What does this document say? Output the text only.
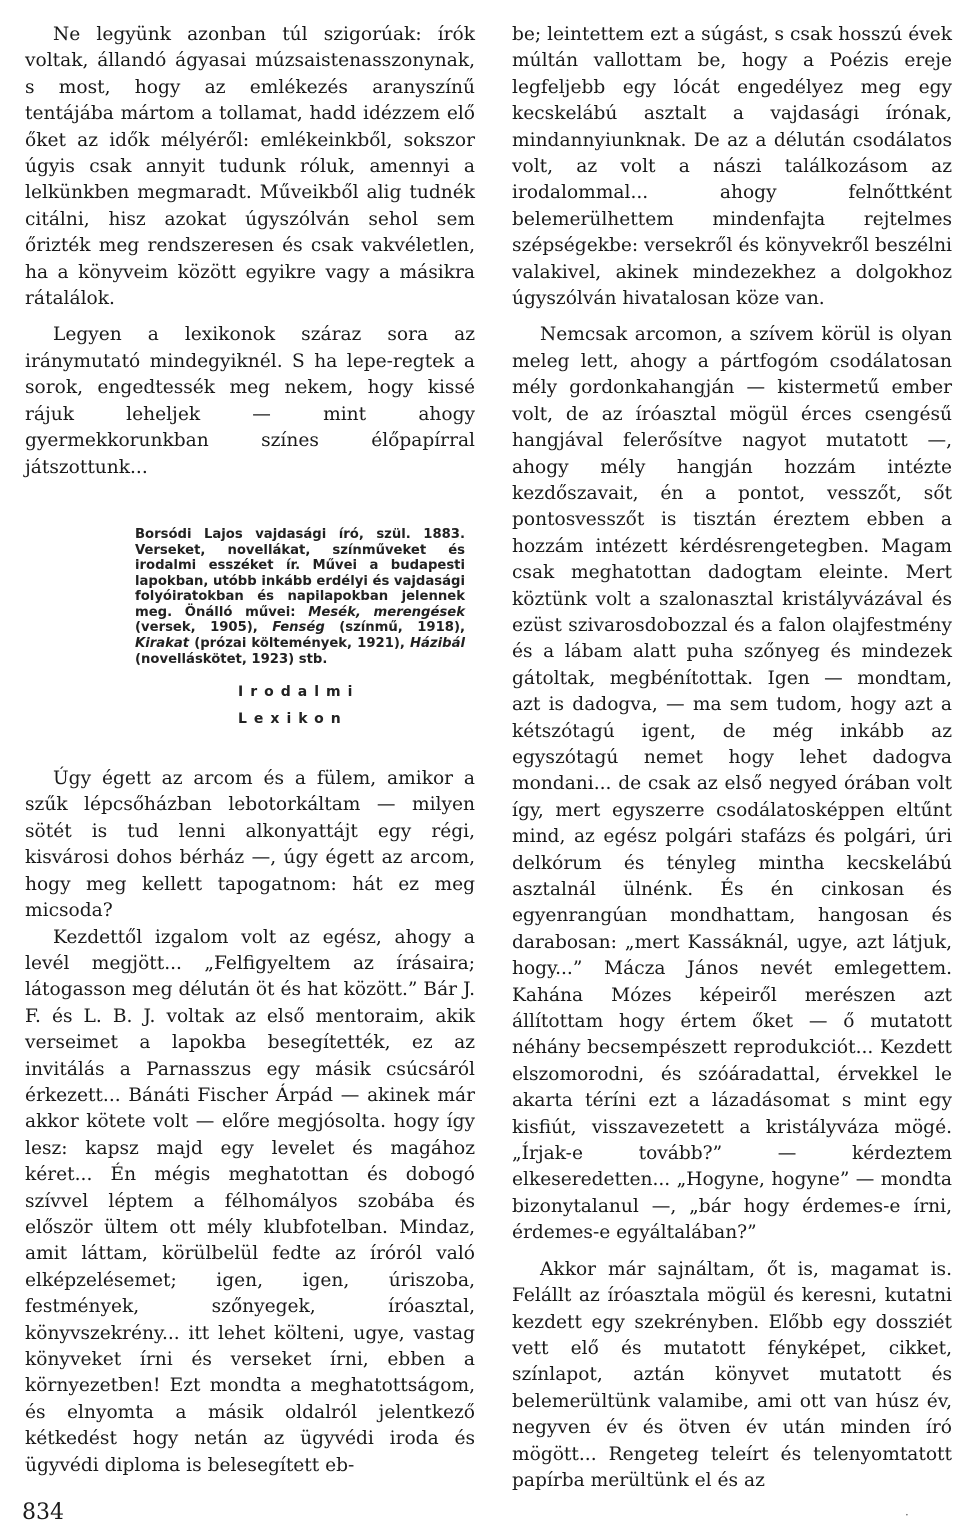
Ne legyünk azonban túl szigorúak: írók voltak, állandó ágyasai múzsaistenasszonynak, s most, hogy az emlékezés aranyszínű tentájába mártom a tollamat, hadd idézzem elő őket az idők mélyéről: emlékeinkből, sokszor úgyis csak annyit tudunk róluk, amennyi a lelkünkben megmaradt. Műveikből alig tudnék citálni, hisz azokat úgyszólván sehol sem őrizték meg rendszeresen és csak vakvéletlen, ha a könyveim között egyikre vagy a másikra rátalálok.

Legyen a lexikonok száraz sora az iránymutató mindegyiknél. S ha lepe-regtek a sorok, engedtessék meg nekem, hogy kissé rájuk leheljek — mint ahogy gyermekkorunkban színes élőpapírral játszottunk...

Borsódi Lajos vajdasági író, szül. 1883. Verseket, novellákat, színműveket és irodalmi esszéket ír. Művei a budapesti lapokban, utóbb inkább erdélyi és vajdasági folyóiratokban és napilapokban jelennek meg. Önálló művei: Mesék, merengések (versek, 1905), Fenség (színmű, 1918), Kirakat (prózai költemények, 1921), Házibál (novelláskötet, 1923) stb.
Irodalmi Lexikon

Úgy égett az arcom és a fülem, amikor a szűk lépcsőházban lebotorkáltam — milyen sötét is tud lenni alkonyattájt egy régi, kisvárosi dohos bérház —, úgy égett az arcom, hogy meg kellett tapogatnom: hát ez meg micsoda?

Kezdettől izgalom volt az egész, ahogy a levél megjött... „Felfigyeltem az írásaira; látogasson meg délután öt és hat között.” Bár J. F. és L. B. J. voltak az első mentoraim, akik verseimet a lapokba besegítették, ez az invitálás a Parnasszus egy másik csúcsáról érkezett... Bánáti Fischer Árpád — akinek már akkor kötete volt — előre megjósolta. hogy így lesz: kapsz majd egy levelet és magához kéret... Én mégis meghatottan és dobogó szívvel léptem a félhomályos szobába és először ültem ott mély klubfotelban. Mindaz, amit láttam, körülbelül fedte az íróról való elképzelésemet; igen, igen, úriszoba, festmények, szőnyegek, íróasztal, könyvszekrény... itt lehet költeni, ugye, vastag könyveket írni és verseket írni, ebben a környezetben! Ezt mondta a meghatottságom, és elnyomta a másik oldalról jelentkező kétkedést hogy netán az ügyvédi iroda és ügyvédi diploma is belesegített eb-

be; leintettem ezt a súgást, s csak hosszú évek múltán vallottam be, hogy a Poézis ereje legfeljebb egy lócát engedélyez meg egy kecskelábú asztalt a vajdasági írónak, mindannyiunknak. De az a délután csodálatos volt, az volt a nászi találkozásom az irodalommal... ahogy felnőttként belemerülhettem mindenfajta rejtelmes szépségekbe: versekről és könyvekről beszélni valakivel, akinek mindezekhez a dolgokhoz úgyszólván hivatalosan köze van.

Nemcsak arcomon, a szívem körül is olyan meleg lett, ahogy a pártfogóm csodálatosan mély gordonkahangján — kistermetű ember volt, de az íróasztal mögül érces csengésű hangjával felerősítve nagyot mutatott —, ahogy mély hangján hozzám intézte kezdőszavait, én a pontot, vesszőt, sőt pontosvesszőt is tisztán éreztem ebben a hozzám intézett kérdésrengetegben. Magam csak meghatottan dadogtam eleinte. Mert köztünk volt a szalonasztal kristályvázával és ezüst szivarosdobozzal és a falon olajfestmény és a lábam alatt puha szőnyeg és mindezek gátoltak, megbénítottak. Igen — mondtam, azt is dadogva, — ma sem tudom, hogy azt a kétszótagú igent, de még inkább az egyszótagú nemet hogy lehet dadogva mondani... de csak az első negyed órában volt így, mert egyszerre csodálatosképpen eltűnt mind, az egész polgári stafázs és polgári, úri delkórum és tényleg mintha kecskelábú asztalnál ülnénk. És én cinkosan és egyenrangúan mondhattam, hangosan és darabosan: „mert Kassáknál, ugye, azt látjuk, hogy...” Mácza János nevét emlegettem. Kahána Mózes képeiről merészen azt állítottam hogy értem őket — ő mutatott néhány becsempészett reprodukciót... Kezdett elszomorodni, és szóáradattal, érvekkel le akarta téríni ezt a lázadásomat s mint egy kisfiút, visszavezetett a kristályváza mögé. „Írjak-e tovább?” — kérdeztem elkeseredetten... „Hogyne, hogyne” — mondta bizonytalanul —, „bár hogy érdemes-e írni, érdemes-e egyáltalában?”

Akkor már sajnáltam, őt is, magamat is. Felállt az íróasztala mögül és keresni, kutatni kezdett egy szekrényben. Előbb egy dossziét vett elő és mutatott fényképet, cikket, színlapot, aztán könyvet mutatott és belemerültünk valamibe, ami ott van húsz év, negyven év és ötven év után minden író mögött... Rengeteg teleírt és telenyomtatott papírba merültünk el és az

834	·
